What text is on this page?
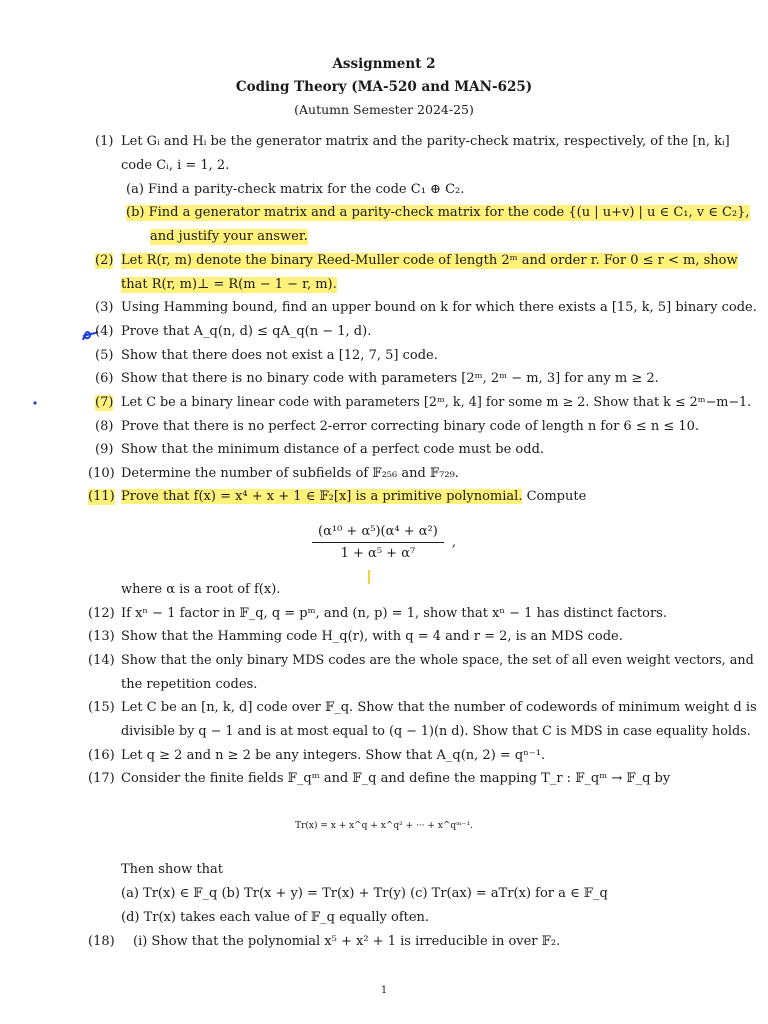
Assignment 2
Coding Theory (MA-520 and MAN-625)
(Autumn Semester 2024-25)
(1) Let Gᵢ and Hᵢ be the generator matrix and the parity-check matrix, respectively, of the [n, kᵢ]
code Cᵢ, i = 1, 2.
(a) Find a parity-check matrix for the code C₁ ⊕ C₂.
(b) Find a generator matrix and a parity-check matrix for the code {(u | u+v) | u ∈ C₁, v ∈ C₂},
and justify your answer.
(2) Let R(r, m) denote the binary Reed-Muller code of length 2ᵐ and order r. For 0 ≤ r < m, show
that R(r, m)⊥ = R(m − 1 − r, m).
(3) Using Hamming bound, find an upper bound on k for which there exists a [15, k, 5] binary code.
(4) Prove that A_q(n, d) ≤ qA_q(n − 1, d).
(5) Show that there does not exist a [12, 7, 5] code.
(6) Show that there is no binary code with parameters [2ᵐ, 2ᵐ − m, 3] for any m ≥ 2.
(7) Let C be a binary linear code with parameters [2ᵐ, k, 4] for some m ≥ 2. Show that k ≤ 2ᵐ−m−1.
(8) Prove that there is no perfect 2-error correcting binary code of length n for 6 ≤ n ≤ 10.
(9) Show that the minimum distance of a perfect code must be odd.
(10) Determine the number of subfields of 𝔽₂₅₆ and 𝔽₇₂₉.
(11) Prove that f(x) = x⁴ + x + 1 ∈ 𝔽₂[x] is a primitive polynomial. Compute
$\frac{\text{(α¹⁰ + α⁵)(α⁴ + α²)}}{\text{1 + α⁵ + α⁷}}$ ,
where α is a root of f(x).
(12) If xⁿ − 1 factor in 𝔽_q, q = pᵐ, and (n, p) = 1, show that xⁿ − 1 has distinct factors.
(13) Show that the Hamming code H_q(r), with q = 4 and r = 2, is an MDS code.
(14) Show that the only binary MDS codes are the whole space, the set of all even weight vectors, and
the repetition codes.
(15) Let C be an [n, k, d] code over 𝔽_q. Show that the number of codewords of minimum weight d is
divisible by q − 1 and is at most equal to (q − 1)(n d). Show that C is MDS in case equality holds.
(16) Let q ≥ 2 and n ≥ 2 be any integers. Show that A_q(n, 2) = qⁿ⁻¹.
(17) Consider the finite fields 𝔽_qᵐ and 𝔽_q and define the mapping T_r : 𝔽_qᵐ → 𝔽_q by
Tr(x) = x + x^q + x^q² + ··· + x^qᵐ⁻¹.
Then show that
(a) Tr(x) ∈ 𝔽_q (b) Tr(x + y) = Tr(x) + Tr(y) (c) Tr(ax) = aTr(x) for a ∈ 𝔽_q
(d) Tr(x) takes each value of 𝔽_q equally often.
(18) (i) Show that the polynomial x⁵ + x² + 1 is irreducible in over 𝔽₂.
1
